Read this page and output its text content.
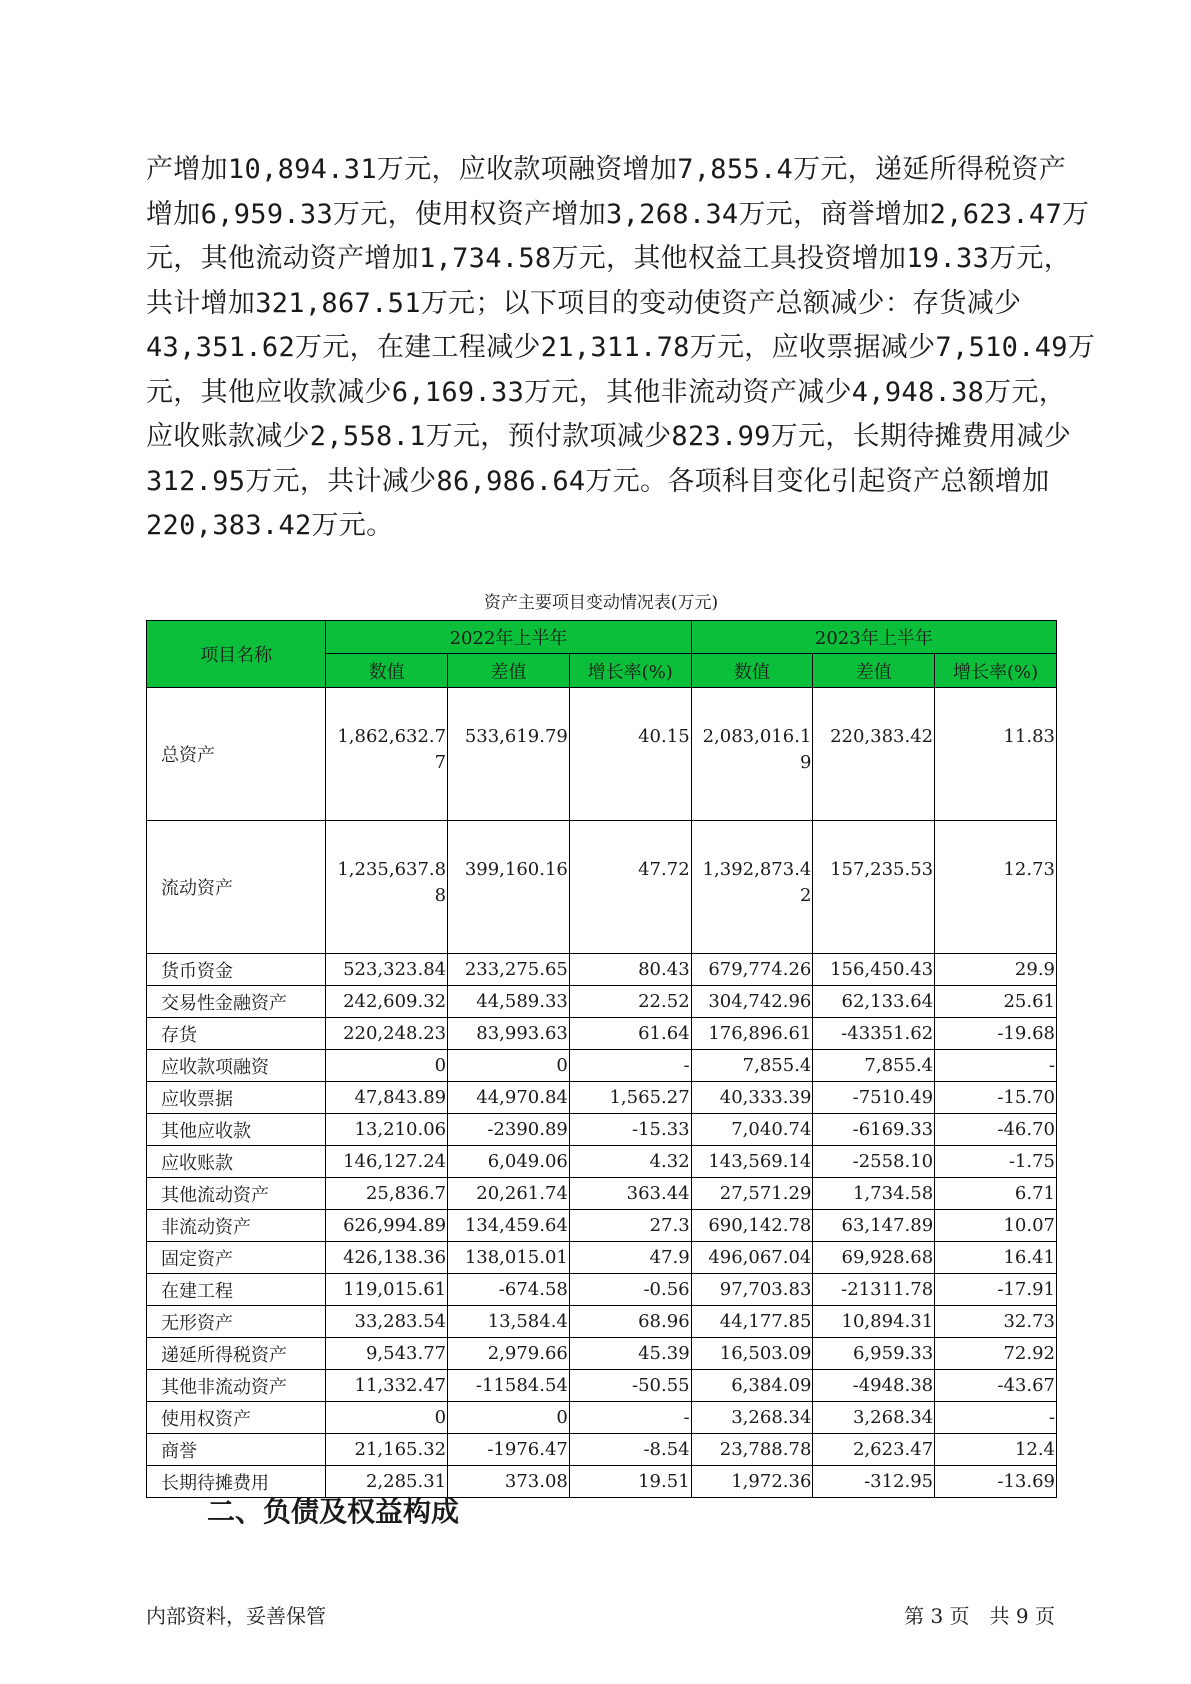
产增加10,894.31万元，应收款项融资增加7,855.4万元，递延所得税资产
增加6,959.33万元，使用权资产增加3,268.34万元，商誉增加2,623.47万
元，其他流动资产增加1,734.58万元，其他权益工具投资增加19.33万元，
共计增加321,867.51万元；以下项目的变动使资产总额减少：存货减少
43,351.62万元，在建工程减少21,311.78万元，应收票据减少7,510.49万
元，其他应收款减少6,169.33万元，其他非流动资产减少4,948.38万元，
应收账款减少2,558.1万元，预付款项减少823.99万元，长期待摊费用减少
312.95万元，共计减少86,986.64万元。各项科目变化引起资产总额增加
220,383.42万元。
资产主要项目变动情况表(万元)
项目名称	2022年上半年			2023年上半年		
	数值	差值	增长率(%)	数值	差值	增长率(%)
总资产	1,862,632.77	533,619.79	40.15	2,083,016.19	220,383.42	11.83
流动资产	1,235,637.88	399,160.16	47.72	1,392,873.42	157,235.53	12.73
货币资金	523,323.84	233,275.65	80.43	679,774.26	156,450.43	29.9
交易性金融资产	242,609.32	44,589.33	22.52	304,742.96	62,133.64	25.61
存货	220,248.23	83,993.63	61.64	176,896.61	-43351.62	-19.68
应收款项融资	0	0	-	7,855.4	7,855.4	-
应收票据	47,843.89	44,970.84	1,565.27	40,333.39	-7510.49	-15.70
其他应收款	13,210.06	-2390.89	-15.33	7,040.74	-6169.33	-46.70
应收账款	146,127.24	6,049.06	4.32	143,569.14	-2558.10	-1.75
其他流动资产	25,836.7	20,261.74	363.44	27,571.29	1,734.58	6.71
非流动资产	626,994.89	134,459.64	27.3	690,142.78	63,147.89	10.07
固定资产	426,138.36	138,015.01	47.9	496,067.04	69,928.68	16.41
在建工程	119,015.61	-674.58	-0.56	97,703.83	-21311.78	-17.91
无形资产	33,283.54	13,584.4	68.96	44,177.85	10,894.31	32.73
递延所得税资产	9,543.77	2,979.66	45.39	16,503.09	6,959.33	72.92
其他非流动资产	11,332.47	-11584.54	-50.55	6,384.09	-4948.38	-43.67
使用权资产	0	0	-	3,268.34	3,268.34	-
商誉	21,165.32	-1976.47	-8.54	23,788.78	2,623.47	12.4
长期待摊费用	2,285.31	373.08	19.51	1,972.36	-312.95	-13.69
二、负债及权益构成
内部资料，妥善保管	第 3 页　共 9 页
